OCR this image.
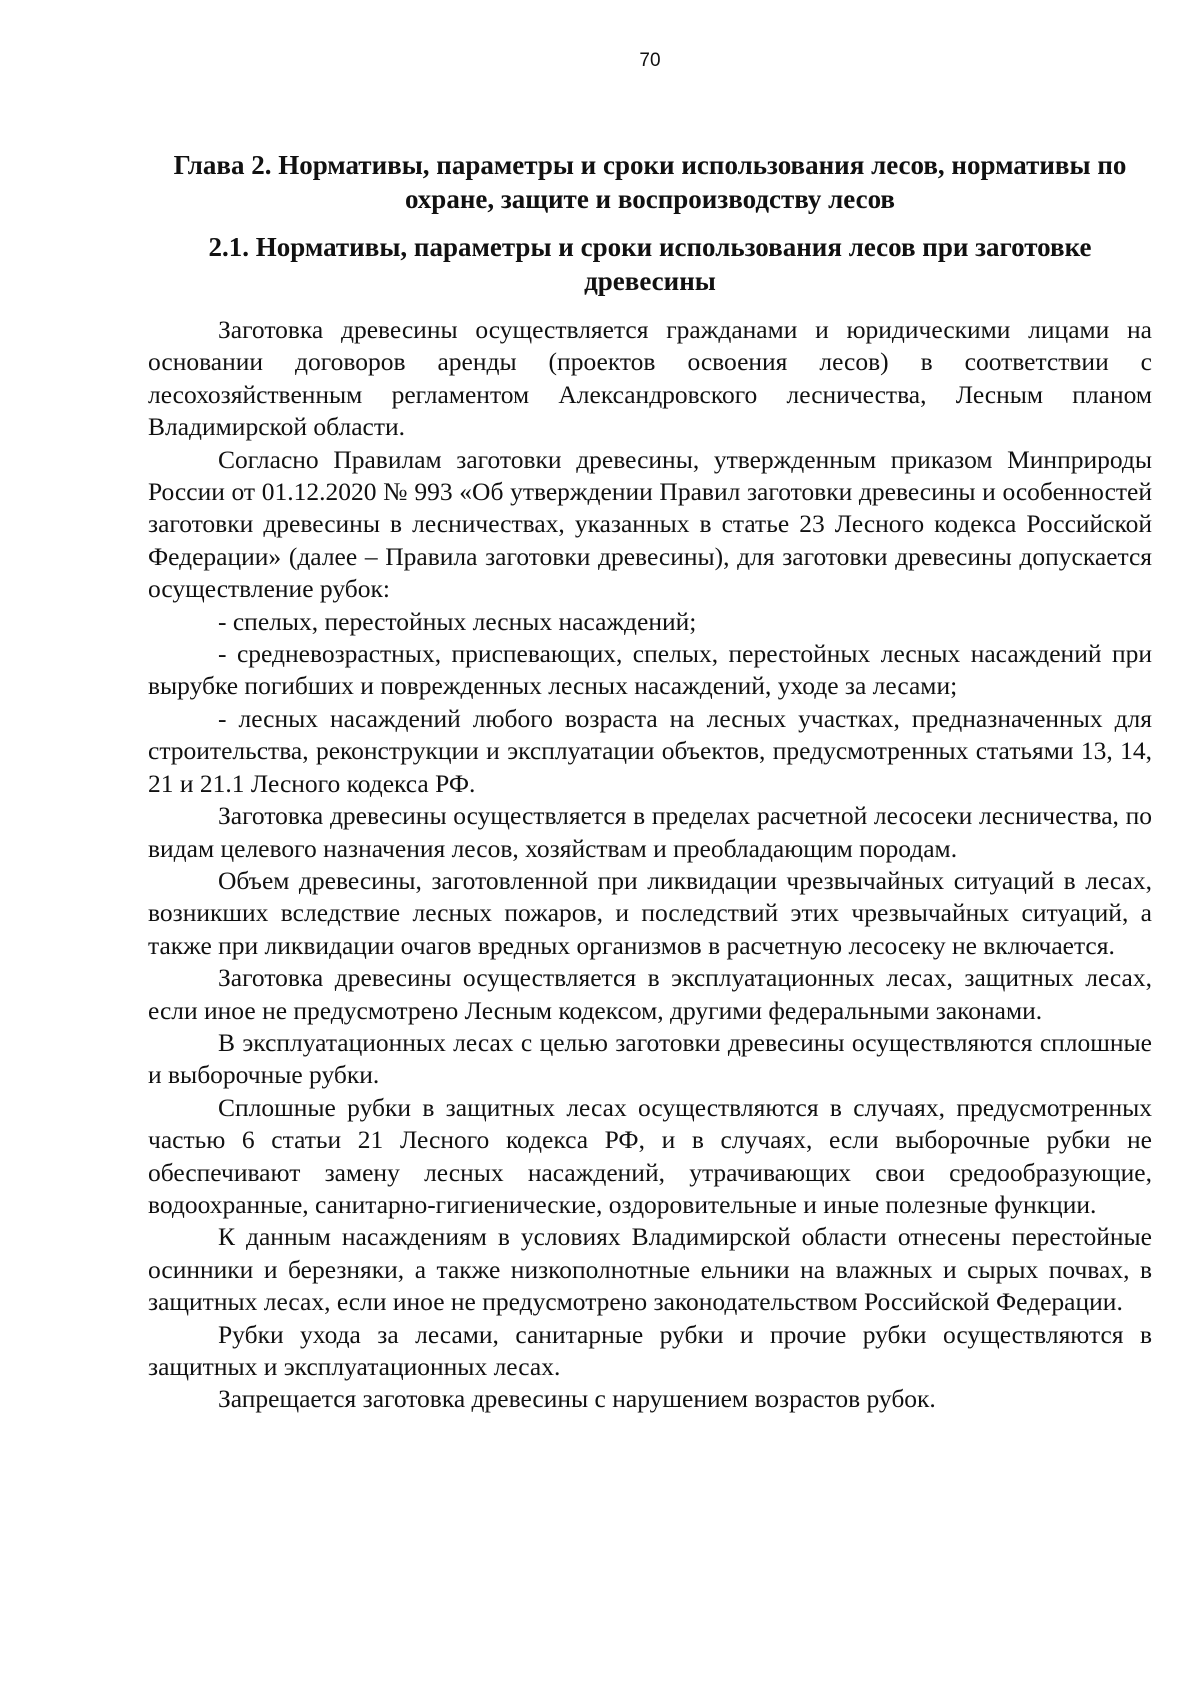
70
Глава 2. Нормативы, параметры и сроки использования лесов, нормативы по охране, защите и воспроизводству лесов
2.1. Нормативы, параметры и сроки использования лесов при заготовке древесины

Заготовка древесины осуществляется гражданами и юридическими лицами на основании договоров аренды (проектов освоения лесов) в соответствии с лесохозяйственным регламентом Александровского лесничества, Лесным планом Владимирской области.

Согласно Правилам заготовки древесины, утвержденным приказом Минприроды России от 01.12.2020 № 993 «Об утверждении Правил заготовки древесины и особенностей заготовки древесины в лесничествах, указанных в статье 23 Лесного кодекса Российской Федерации» (далее – Правила заготовки древесины), для заготовки древесины допускается осуществление рубок:

- спелых, перестойных лесных насаждений;

- средневозрастных, приспевающих, спелых, перестойных лесных насаждений при вырубке погибших и поврежденных лесных насаждений, уходе за лесами;

- лесных насаждений любого возраста на лесных участках, предназначенных для строительства, реконструкции и эксплуатации объектов, предусмотренных статьями 13, 14, 21 и 21.1 Лесного кодекса РФ.

Заготовка древесины осуществляется в пределах расчетной лесосеки лесничества, по видам целевого назначения лесов, хозяйствам и преобладающим породам.

Объем древесины, заготовленной при ликвидации чрезвычайных ситуаций в лесах, возникших вследствие лесных пожаров, и последствий этих чрезвычайных ситуаций, а также при ликвидации очагов вредных организмов в расчетную лесосеку не включается.

Заготовка древесины осуществляется в эксплуатационных лесах, защитных лесах, если иное не предусмотрено Лесным кодексом, другими федеральными законами.

В эксплуатационных лесах с целью заготовки древесины осуществляются сплошные и выборочные рубки.

Сплошные рубки в защитных лесах осуществляются в случаях, предусмотренных частью 6 статьи 21 Лесного кодекса РФ, и в случаях, если выборочные рубки не обеспечивают замену лесных насаждений, утрачивающих свои средообразующие, водоохранные, санитарно-гигиенические, оздоровительные и иные полезные функции.

К данным насаждениям в условиях Владимирской области отнесены перестойные осинники и березняки, а также низкополнотные ельники на влажных и сырых почвах, в защитных лесах, если иное не предусмотрено законодательством Российской Федерации.

Рубки ухода за лесами, санитарные рубки и прочие рубки осуществляются в защитных и эксплуатационных лесах.

Запрещается заготовка древесины с нарушением возрастов рубок.
